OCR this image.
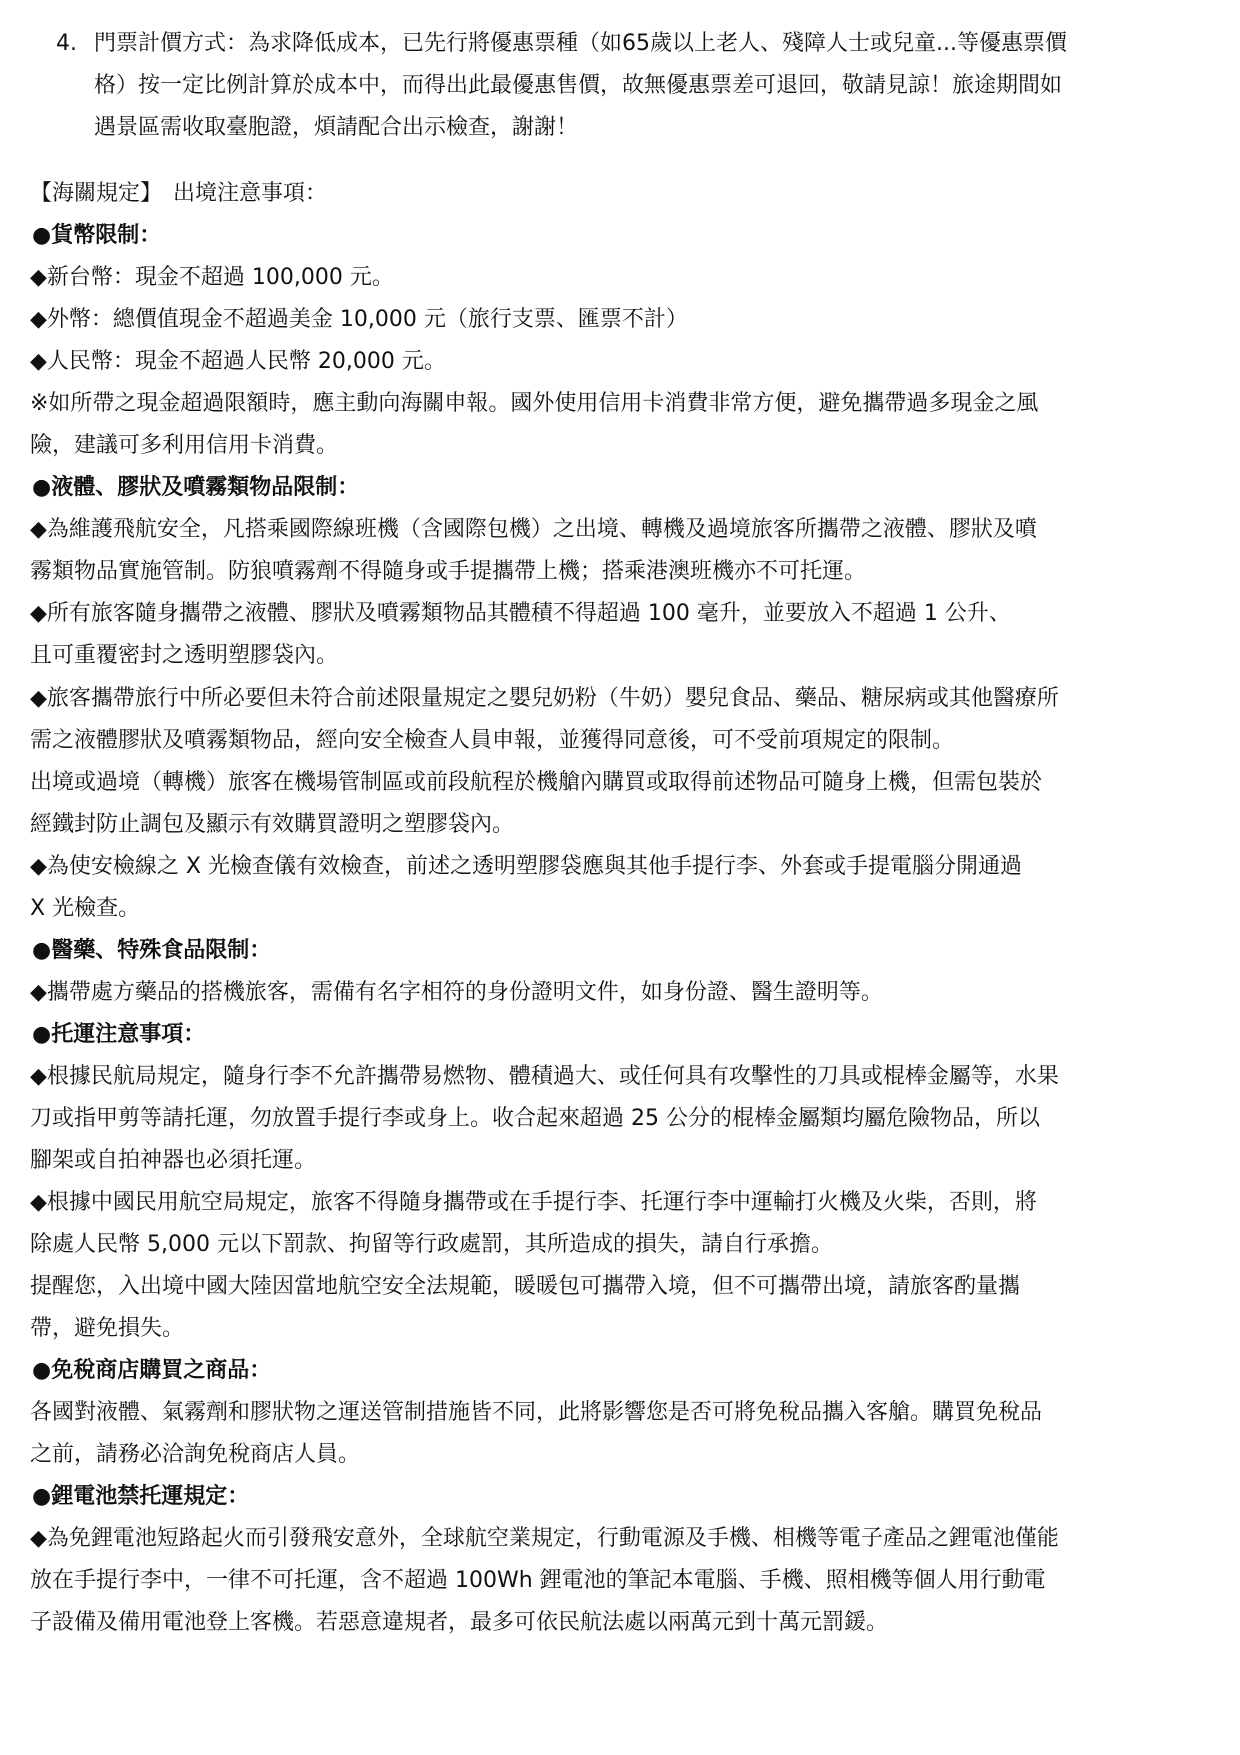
4. 門票計價方式：為求降低成本，已先行將優惠票種（如65歲以上老人、殘障人士或兒童...等優惠票價
格）按一定比例計算於成本中，而得出此最優惠售價，故無優惠票差可退回，敬請見諒！旅途期間如
遇景區需收取臺胞證，煩請配合出示檢查，謝謝！
【海關規定】　出境注意事項：
●貨幣限制：
◆新台幣：現金不超過 100,000 元。
◆外幣：總價值現金不超過美金 10,000 元（旅行支票、匯票不計）
◆人民幣：現金不超過人民幣 20,000 元。
※如所帶之現金超過限額時，應主動向海關申報。國外使用信用卡消費非常方便，避免攜帶過多現金之風
險，建議可多利用信用卡消費。
●液體、膠狀及噴霧類物品限制：
◆為維護飛航安全，凡搭乘國際線班機（含國際包機）之出境、轉機及過境旅客所攜帶之液體、膠狀及噴
霧類物品實施管制。防狼噴霧劑不得隨身或手提攜帶上機；搭乘港澳班機亦不可托運。
◆所有旅客隨身攜帶之液體、膠狀及噴霧類物品其體積不得超過 100 毫升，並要放入不超過 1 公升、
且可重覆密封之透明塑膠袋內。
◆旅客攜帶旅行中所必要但未符合前述限量規定之嬰兒奶粉（牛奶）嬰兒食品、藥品、糖尿病或其他醫療所
需之液體膠狀及噴霧類物品，經向安全檢查人員申報，並獲得同意後，可不受前項規定的限制。
出境或過境（轉機）旅客在機場管制區或前段航程於機艙內購買或取得前述物品可隨身上機，但需包裝於
經鐵封防止調包及顯示有效購買證明之塑膠袋內。
◆為使安檢線之 X 光檢查儀有效檢查，前述之透明塑膠袋應與其他手提行李、外套或手提電腦分開通過
X 光檢查。
●醫藥、特殊食品限制：
◆攜帶處方藥品的搭機旅客，需備有名字相符的身份證明文件，如身份證、醫生證明等。
●托運注意事項：
◆根據民航局規定，隨身行李不允許攜帶易燃物、體積過大、或任何具有攻擊性的刀具或棍棒金屬等，水果
刀或指甲剪等請托運，勿放置手提行李或身上。收合起來超過 25 公分的棍棒金屬類均屬危險物品，所以
腳架或自拍神器也必須托運。
◆根據中國民用航空局規定，旅客不得隨身攜帶或在手提行李、托運行李中運輸打火機及火柴，否則，將
除處人民幣 5,000 元以下罰款、拘留等行政處罰，其所造成的損失，請自行承擔。
提醒您，入出境中國大陸因當地航空安全法規範，暖暖包可攜帶入境，但不可攜帶出境，請旅客酌量攜
帶，避免損失。
●免稅商店購買之商品：
各國對液體、氣霧劑和膠狀物之運送管制措施皆不同，此將影響您是否可將免稅品攜入客艙。購買免稅品
之前，請務必洽詢免稅商店人員。
●鋰電池禁托運規定：
◆為免鋰電池短路起火而引發飛安意外，全球航空業規定，行動電源及手機、相機等電子產品之鋰電池僅能
放在手提行李中，一律不可托運，含不超過 100Wh 鋰電池的筆記本電腦、手機、照相機等個人用行動電
子設備及備用電池登上客機。若惡意違規者，最多可依民航法處以兩萬元到十萬元罰鍰。
